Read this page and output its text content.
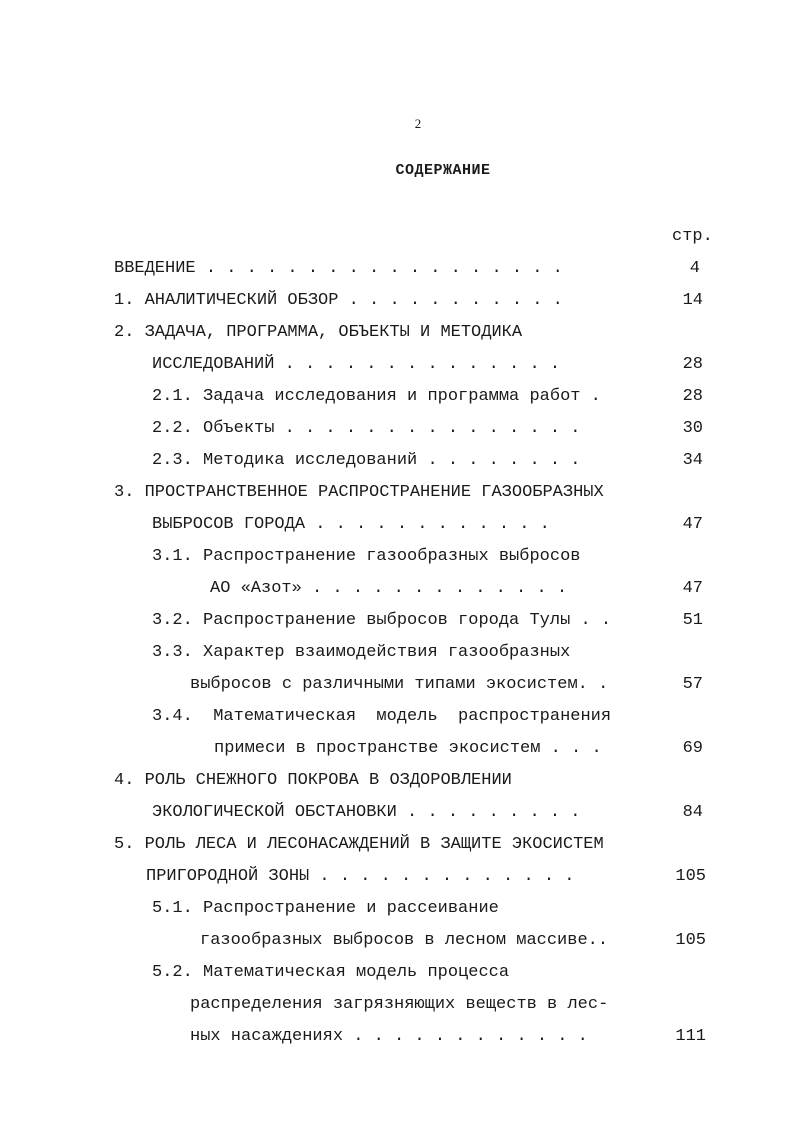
2
СОДЕРЖАНИЕ
стр.
ВВЕДЕНИЕ . . . . . . . . . . . . . . . . . .	4
1. АНАЛИТИЧЕСКИЙ ОБЗОР . . . . . . . . . . .	14
2. ЗАДАЧА, ПРОГРАММА, ОБЪЕКТЫ И МЕТОДИКА
ИССЛЕДОВАНИЙ . . . . . . . . . . . . . .	28
2.1. Задача исследования и программа работ .	28
2.2. Объекты . . . . . . . . . . . . . . .	30
2.3. Методика исследований . . . . . . . .	34
3. ПРОСТРАНСТВЕННОЕ РАСПРОСТРАНЕНИЕ ГАЗООБРАЗНЫХ
ВЫБРОСОВ ГОРОДА . . . . . . . . . . . .	47
3.1. Распространение газообразных выбросов
АО «Азот» . . . . . . . . . . . . .	47
3.2. Распространение выбросов города Тулы . .	51
3.3. Характер взаимодействия газообразных
выбросов с различными типами экосистем. .	57
3.4.  Математическая  модель  распространения
примеси в пространстве экосистем . . .	69
4. РОЛЬ СНЕЖНОГО ПОКРОВА В ОЗДОРОВЛЕНИИ
ЭКОЛОГИЧЕСКОЙ ОБСТАНОВКИ . . . . . . . . .	84
5. РОЛЬ ЛЕСА И ЛЕСОНАСАЖДЕНИЙ В ЗАЩИТЕ ЭКОСИСТЕМ
ПРИГОРОДНОЙ ЗОНЫ . . . . . . . . . . . . .	105
5.1. Распространение и рассеивание
газообразных выбросов в лесном массиве..	105
5.2. Математическая модель процесса
распределения загрязняющих веществ в лес-
ных насаждениях . . . . . . . . . . . .	111
